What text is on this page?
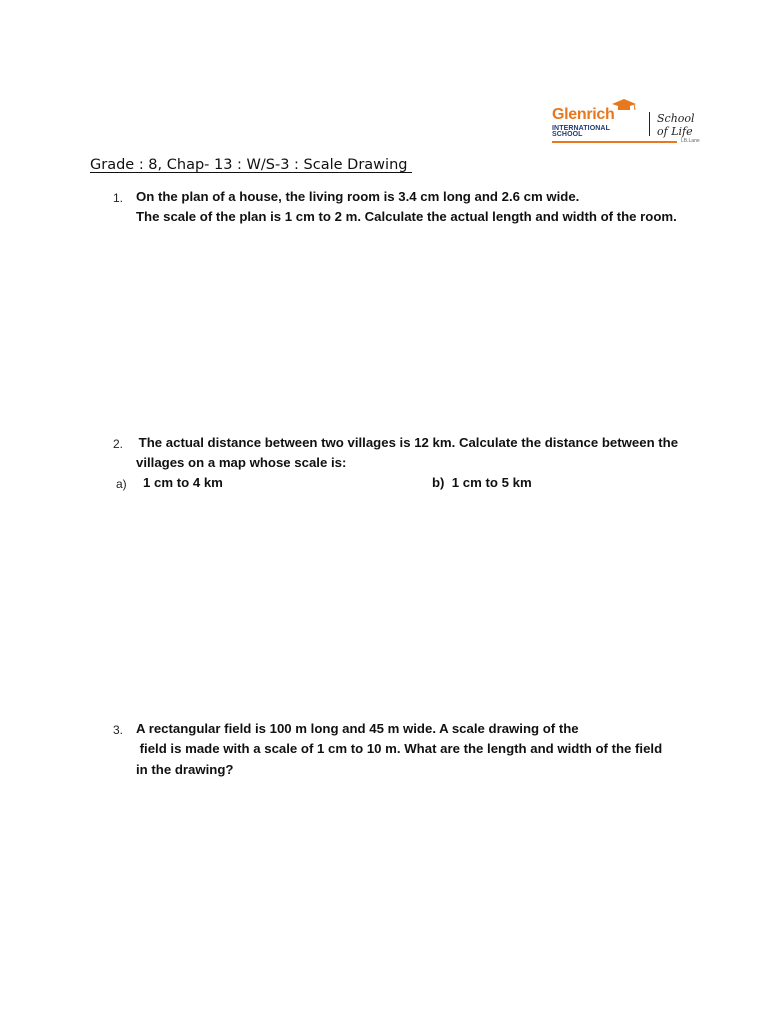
Glenrich
INTERNATIONAL
SCHOOL
School
of Life
LB.Lane
Grade : 8, Chap- 13 : W/S-3 : Scale Drawing
1. On the plan of a house, the living room is 3.4 cm long and 2.6 cm wide.
The scale of the plan is 1 cm to 2 m. Calculate the actual length and width of the room.
2. The actual distance between two villages is 12 km. Calculate the distance between the
villages on a map whose scale is:
a) 1 cm to 4 km	b)  1 cm to 5 km
3. A rectangular field is 100 m long and 45 m wide. A scale drawing of the
field is made with a scale of 1 cm to 10 m. What are the length and width of the field
in the drawing?
